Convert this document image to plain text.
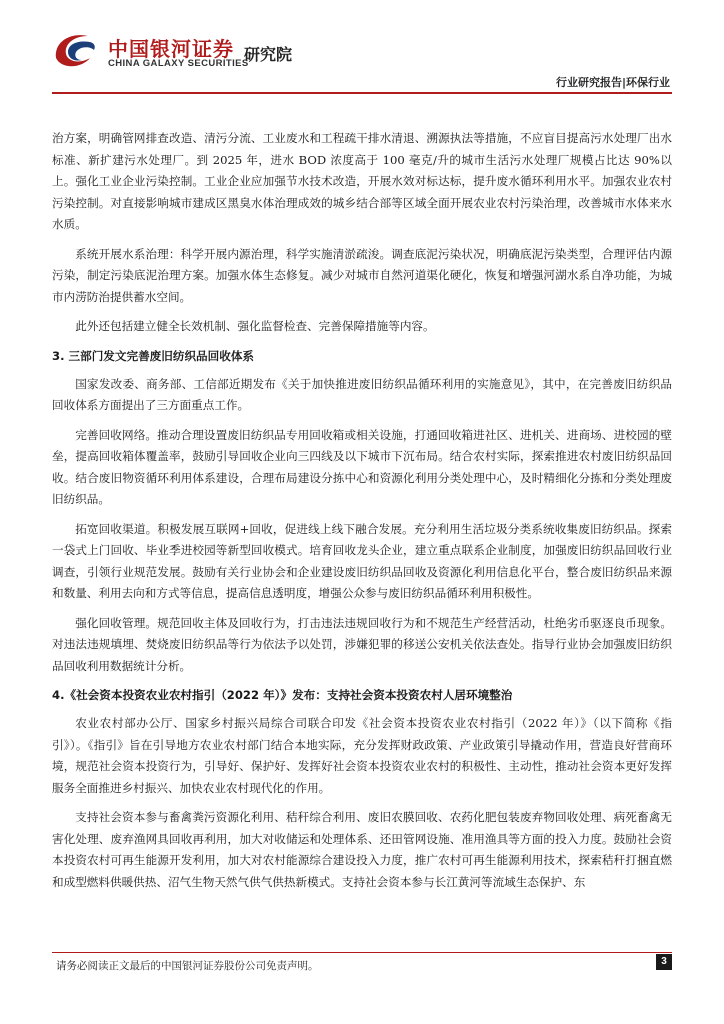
中国银河证券
CHINA GALAXY SECURITIES
研究院
行业研究报告|环保行业

治方案，明确管网排查改造、清污分流、工业废水和工程疏干排水清退、溯源执法等措施，不应盲目提高污水处理厂出水标准、新扩建污水处理厂。到 2025 年，进水 BOD 浓度高于 100 毫克/升的城市生活污水处理厂规模占比达 90%以上。强化工业企业污染控制。工业企业应加强节水技术改造，开展水效对标达标，提升废水循环利用水平。加强农业农村污染控制。对直接影响城市建成区黑臭水体治理成效的城乡结合部等区域全面开展农业农村污染治理，改善城市水体来水水质。

系统开展水系治理：科学开展内源治理，科学实施清淤疏浚。调查底泥污染状况，明确底泥污染类型，合理评估内源污染，制定污染底泥治理方案。加强水体生态修复。减少对城市自然河道渠化硬化，恢复和增强河湖水系自净功能，为城市内涝防治提供蓄水空间。

此外还包括建立健全长效机制、强化监督检查、完善保障措施等内容。

3. 三部门发文完善废旧纺织品回收体系

国家发改委、商务部、工信部近期发布《关于加快推进废旧纺织品循环利用的实施意见》，其中，在完善废旧纺织品回收体系方面提出了三方面重点工作。

完善回收网络。推动合理设置废旧纺织品专用回收箱或相关设施，打通回收箱进社区、进机关、进商场、进校园的壁垒，提高回收箱体覆盖率，鼓励引导回收企业向三四线及以下城市下沉布局。结合农村实际，探索推进农村废旧纺织品回收。结合废旧物资循环利用体系建设，合理布局建设分拣中心和资源化利用分类处理中心，及时精细化分拣和分类处理废旧纺织品。

拓宽回收渠道。积极发展互联网+回收，促进线上线下融合发展。充分利用生活垃圾分类系统收集废旧纺织品。探索一袋式上门回收、毕业季进校园等新型回收模式。培育回收龙头企业，建立重点联系企业制度，加强废旧纺织品回收行业调查，引领行业规范发展。鼓励有关行业协会和企业建设废旧纺织品回收及资源化利用信息化平台，整合废旧纺织品来源和数量、利用去向和方式等信息，提高信息透明度，增强公众参与废旧纺织品循环利用积极性。

强化回收管理。规范回收主体及回收行为，打击违法违规回收行为和不规范生产经营活动，杜绝劣币驱逐良币现象。对违法违规填埋、焚烧废旧纺织品等行为依法予以处罚，涉嫌犯罪的移送公安机关依法查处。指导行业协会加强废旧纺织品回收利用数据统计分析。

4.《社会资本投资农业农村指引（2022 年）》发布：支持社会资本投资农村人居环境整治

农业农村部办公厅、国家乡村振兴局综合司联合印发《社会资本投资农业农村指引（2022 年）》（以下简称《指引》）。《指引》旨在引导地方农业农村部门结合本地实际，充分发挥财政政策、产业政策引导撬动作用，营造良好营商环境，规范社会资本投资行为，引导好、保护好、发挥好社会资本投资农业农村的积极性、主动性，推动社会资本更好发挥服务全面推进乡村振兴、加快农业农村现代化的作用。

支持社会资本参与畜禽粪污资源化利用、秸秆综合利用、废旧农膜回收、农药化肥包装废弃物回收处理、病死畜禽无害化处理、废弃渔网具回收再利用，加大对收储运和处理体系、还田管网设施、准用渔具等方面的投入力度。鼓励社会资本投资农村可再生能源开发利用，加大对农村能源综合建设投入力度，推广农村可再生能源利用技术，探索秸秆打捆直燃和成型燃料供暖供热、沼气生物天然气供气供热新模式。支持社会资本参与长江黄河等流域生态保护、东

请务必阅读正文最后的中国银河证券股份公司免责声明。	3
